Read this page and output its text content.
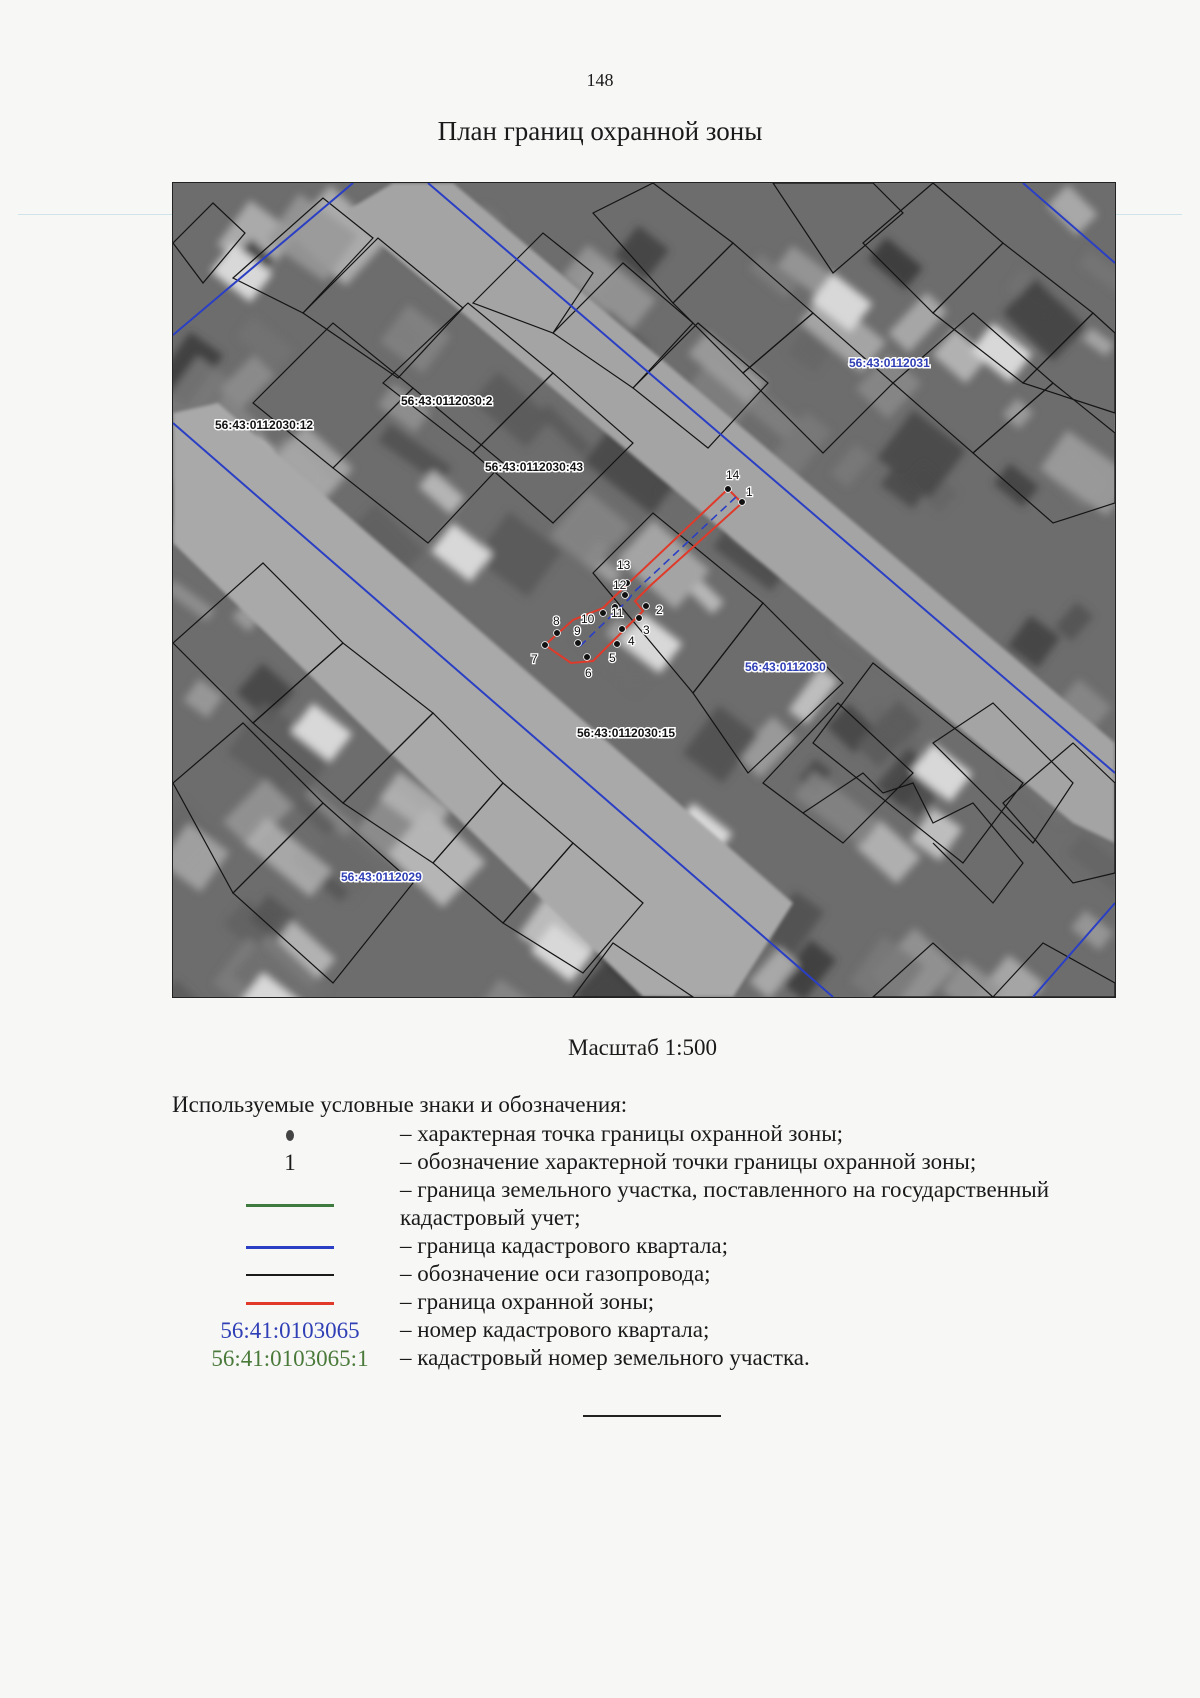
148
План границ охранной зоны
1
2
3
4
5
6
7
8
9
10 11
12
13
14
56:43:0112030:12
56:43:0112030:2
56:43:0112030:43
56:43:0112030:15
56:43:0112031
56:43:0112030
56:43:0112029
Масштаб 1:500
Используемые условные знаки и обозначения:
– характерная точка границы охранной зоны;
1	– обозначение характерной точки границы охранной зоны;
– граница земельного участка, поставленного на государственный кадастровый учет;
– граница кадастрового квартала;
– обозначение оси газопровода;
– граница охранной зоны;
56:41:0103065	– номер кадастрового квартала;
56:41:0103065:1 – кадастровый номер земельного участка.
